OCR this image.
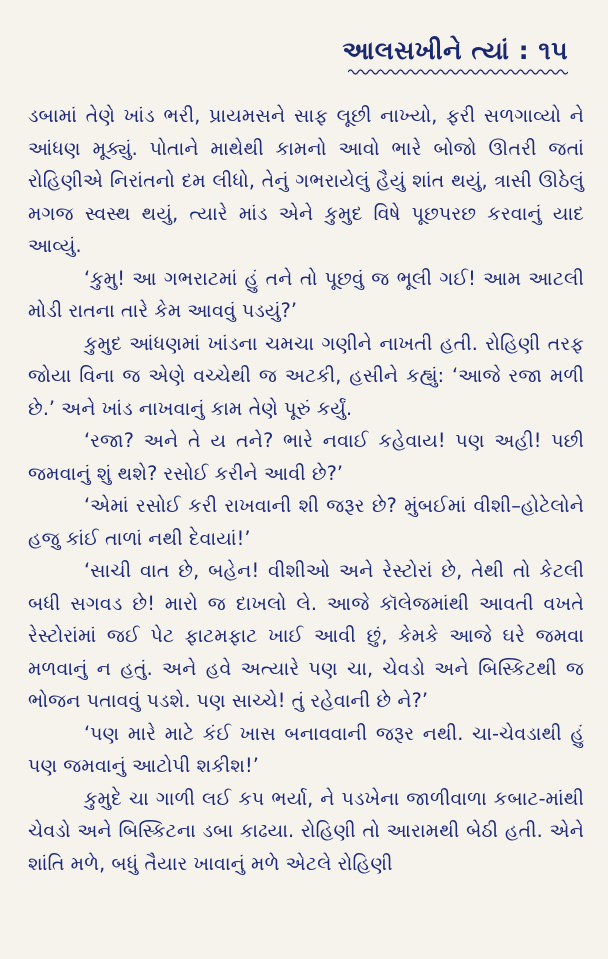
આલસખીને ત્યાં : ૧૫

ડબામાં તેણે ખાંડ ભરી, પ્રાયમસને સાફ લૂછી નાખ્યો, ફરી સળગાવ્યો ને આંધણ મૂક્યું. પોતાને માથેથી કામનો આવો ભારે બોજો ઊતરી જતાં રોહિણીએ નિરાંતનો દમ લીધો, તેનું ગભરાયેલું હૈયું શાંત થયું, ત્રાસી ઊઠેલું મગજ સ્વસ્થ થયું, ત્યારે માંડ એને કુમુદ વિષે પૂછપરછ કરવાનું યાદ આવ્યું.

‘કુમુ! આ ગભરાટમાં હું તને તો પૂછવું જ ભૂલી ગઈ! આમ આટલી મોડી રાતના તારે કેમ આવવું પડયું?’

કુમુદ આંધણમાં ખાંડના ચમચા ગણીને નાખતી હતી. રોહિણી તરફ જોયા વિના જ એણે વચ્ચેથી જ અટકી, હસીને કહ્યું: ‘આજે રજા મળી છે.’ અને ખાંડ નાખવાનું કામ તેણે પૂરું કર્યું.

‘રજા? અને તે ય તને? ભારે નવાઈ કહેવાય! પણ અહી! પછી જમવાનું શું થશે? રસોઈ કરીને આવી છે?’

‘એમાં રસોઈ કરી રાખવાની શી જરૂર છે? મુંબઈમાં વીશી–હોટેલોને હજુ કાંઈ તાળાં નથી દેવાયાં!’

‘સાચી વાત છે, બહેન! વીશીઓ અને રેસ્ટોરાં છે, તેથી તો કેટલી બધી સગવડ છે! મારો જ દાખલો લે. આજે કૉલેજમાંથી આવતી વખતે રેસ્ટોરાંમાં જઈ પેટ ફાટમફાટ ખાઈ આવી છું, કેમકે આજે ઘરે જમવા મળવાનું ન હતું. અને હવે અત્યારે પણ ચા, ચેવડો અને બિસ્કિટથી જ ભોજન પતાવવું પડશે. પણ સાચ્ચે! તું રહેવાની છે ને?’

‘પણ મારે માટે કંઈ ખાસ બનાવવાની જરૂર નથી. ચા-ચેવડાથી હું પણ જમવાનું આટોપી શકીશ!’

કુમુદે ચા ગાળી લઈ કપ ભર્યા, ને પડખેના જાળીવાળા કબાટ-માંથી ચેવડો અને બિસ્કિટના ડબા કાઢયા. રોહિણી તો આરામથી બેઠી હતી. એને શાંતિ મળે, બધું તૈયાર ખાવાનું મળે એટલે રોહિણી
